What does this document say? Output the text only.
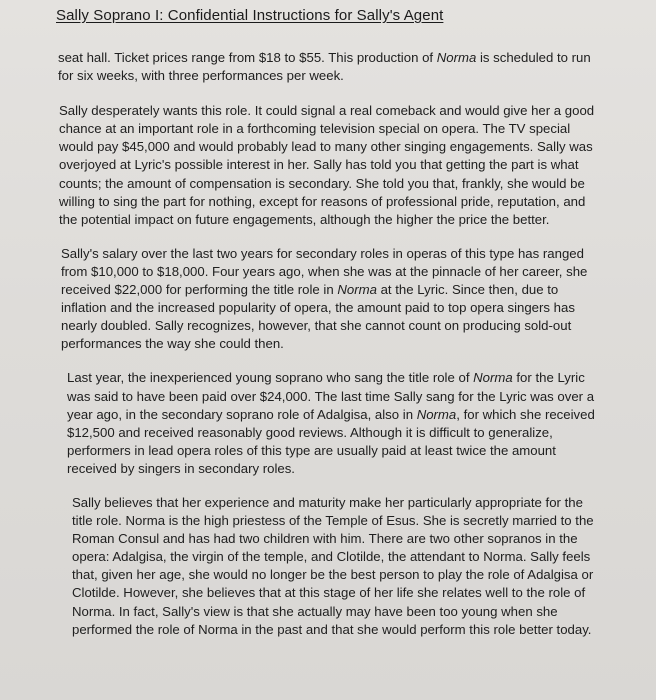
Sally Soprano I: Confidential Instructions for Sally's Agent

seat hall. Ticket prices range from $18 to $55. This production of Norma is scheduled to run for six weeks, with three performances per week.

Sally desperately wants this role. It could signal a real comeback and would give her a good chance at an important role in a forthcoming television special on opera. The TV special would pay $45,000 and would probably lead to many other singing engagements. Sally was overjoyed at Lyric's possible interest in her. Sally has told you that getting the part is what counts; the amount of compensation is secondary. She told you that, frankly, she would be willing to sing the part for nothing, except for reasons of professional pride, reputation, and the potential impact on future engagements, although the higher the price the better.

Sally's salary over the last two years for secondary roles in operas of this type has ranged from $10,000 to $18,000. Four years ago, when she was at the pinnacle of her career, she received $22,000 for performing the title role in Norma at the Lyric. Since then, due to inflation and the increased popularity of opera, the amount paid to top opera singers has nearly doubled. Sally recognizes, however, that she cannot count on producing sold-out performances the way she could then.

Last year, the inexperienced young soprano who sang the title role of Norma for the Lyric was said to have been paid over $24,000. The last time Sally sang for the Lyric was over a year ago, in the secondary soprano role of Adalgisa, also in Norma, for which she received $12,500 and received reasonably good reviews. Although it is difficult to generalize, performers in lead opera roles of this type are usually paid at least twice the amount received by singers in secondary roles.

Sally believes that her experience and maturity make her particularly appropriate for the title role. Norma is the high priestess of the Temple of Esus. She is secretly married to the Roman Consul and has had two children with him. There are two other sopranos in the opera: Adalgisa, the virgin of the temple, and Clotilde, the attendant to Norma. Sally feels that, given her age, she would no longer be the best person to play the role of Adalgisa or Clotilde. However, she believes that at this stage of her life she relates well to the role of Norma. In fact, Sally's view is that she actually may have been too young when she performed the role of Norma in the past and that she would perform this role better today.
